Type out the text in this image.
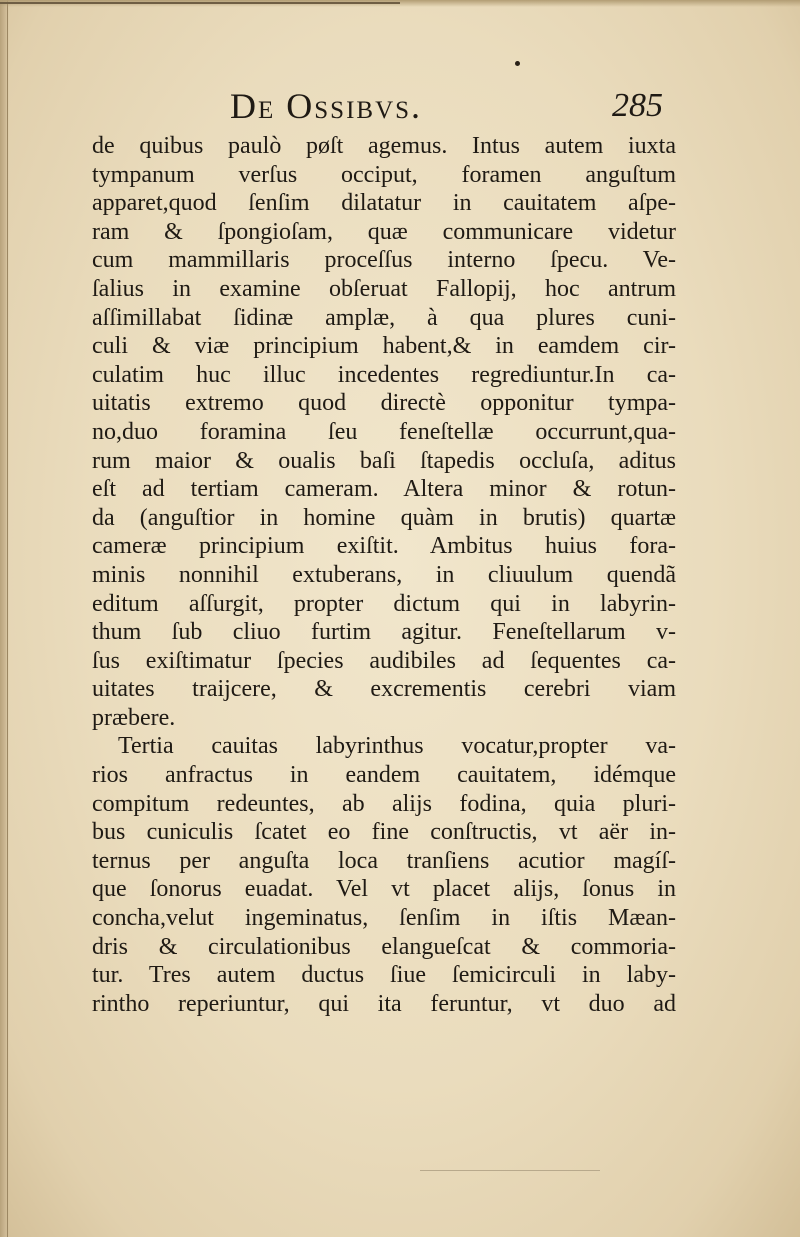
De Ossibvs.	285
de quibus paulò pøſt agemus. Intus autem iuxta
tympanum verſus occiput, foramen anguſtum
apparet,quod ſenſim dilatatur in cauitatem aſpe-
ram & ſpongioſam, quæ communicare videtur
cum mammillaris proceſſus interno ſpecu. Ve-
ſalius in examine obſeruat Fallopij, hoc antrum
aſſimillabat ſidinæ amplæ, à qua plures cuni-
culi & viæ principium habent,& in eamdem cir-
culatim huc illuc incedentes regrediuntur.In ca-
uitatis extremo quod directè opponitur tympa-
no,duo foramina ſeu feneſtellæ occurrunt,qua-
rum maior & oualis baſi ſtapedis occluſa, aditus
eſt ad tertiam cameram. Altera minor & rotun-
da (anguſtior in homine quàm in brutis) quartæ
cameræ principium exiſtit. Ambitus huius fora-
minis nonnihil extuberans, in cliuulum quendã
editum aſſurgit, propter dictum qui in labyrin-
thum ſub cliuo furtim agitur. Feneſtellarum v-
ſus exiſtimatur ſpecies audibiles ad ſequentes ca-
uitates traijcere, & excrementis cerebri viam
præbere.
Tertia cauitas labyrinthus vocatur,propter va-
rios anfractus in eandem cauitatem, idémque
compitum redeuntes, ab alijs fodina, quia pluri-
bus cuniculis ſcatet eo fine conſtructis, vt aër in-
ternus per anguſta loca tranſiens acutior magíſ-
que ſonorus euadat. Vel vt placet alijs, ſonus in
concha,velut ingeminatus, ſenſim in iſtis Mæan-
dris & circulationibus elangueſcat & commoria-
tur. Tres autem ductus ſiue ſemicirculi in laby-
rintho reperiuntur, qui ita feruntur, vt duo ad
